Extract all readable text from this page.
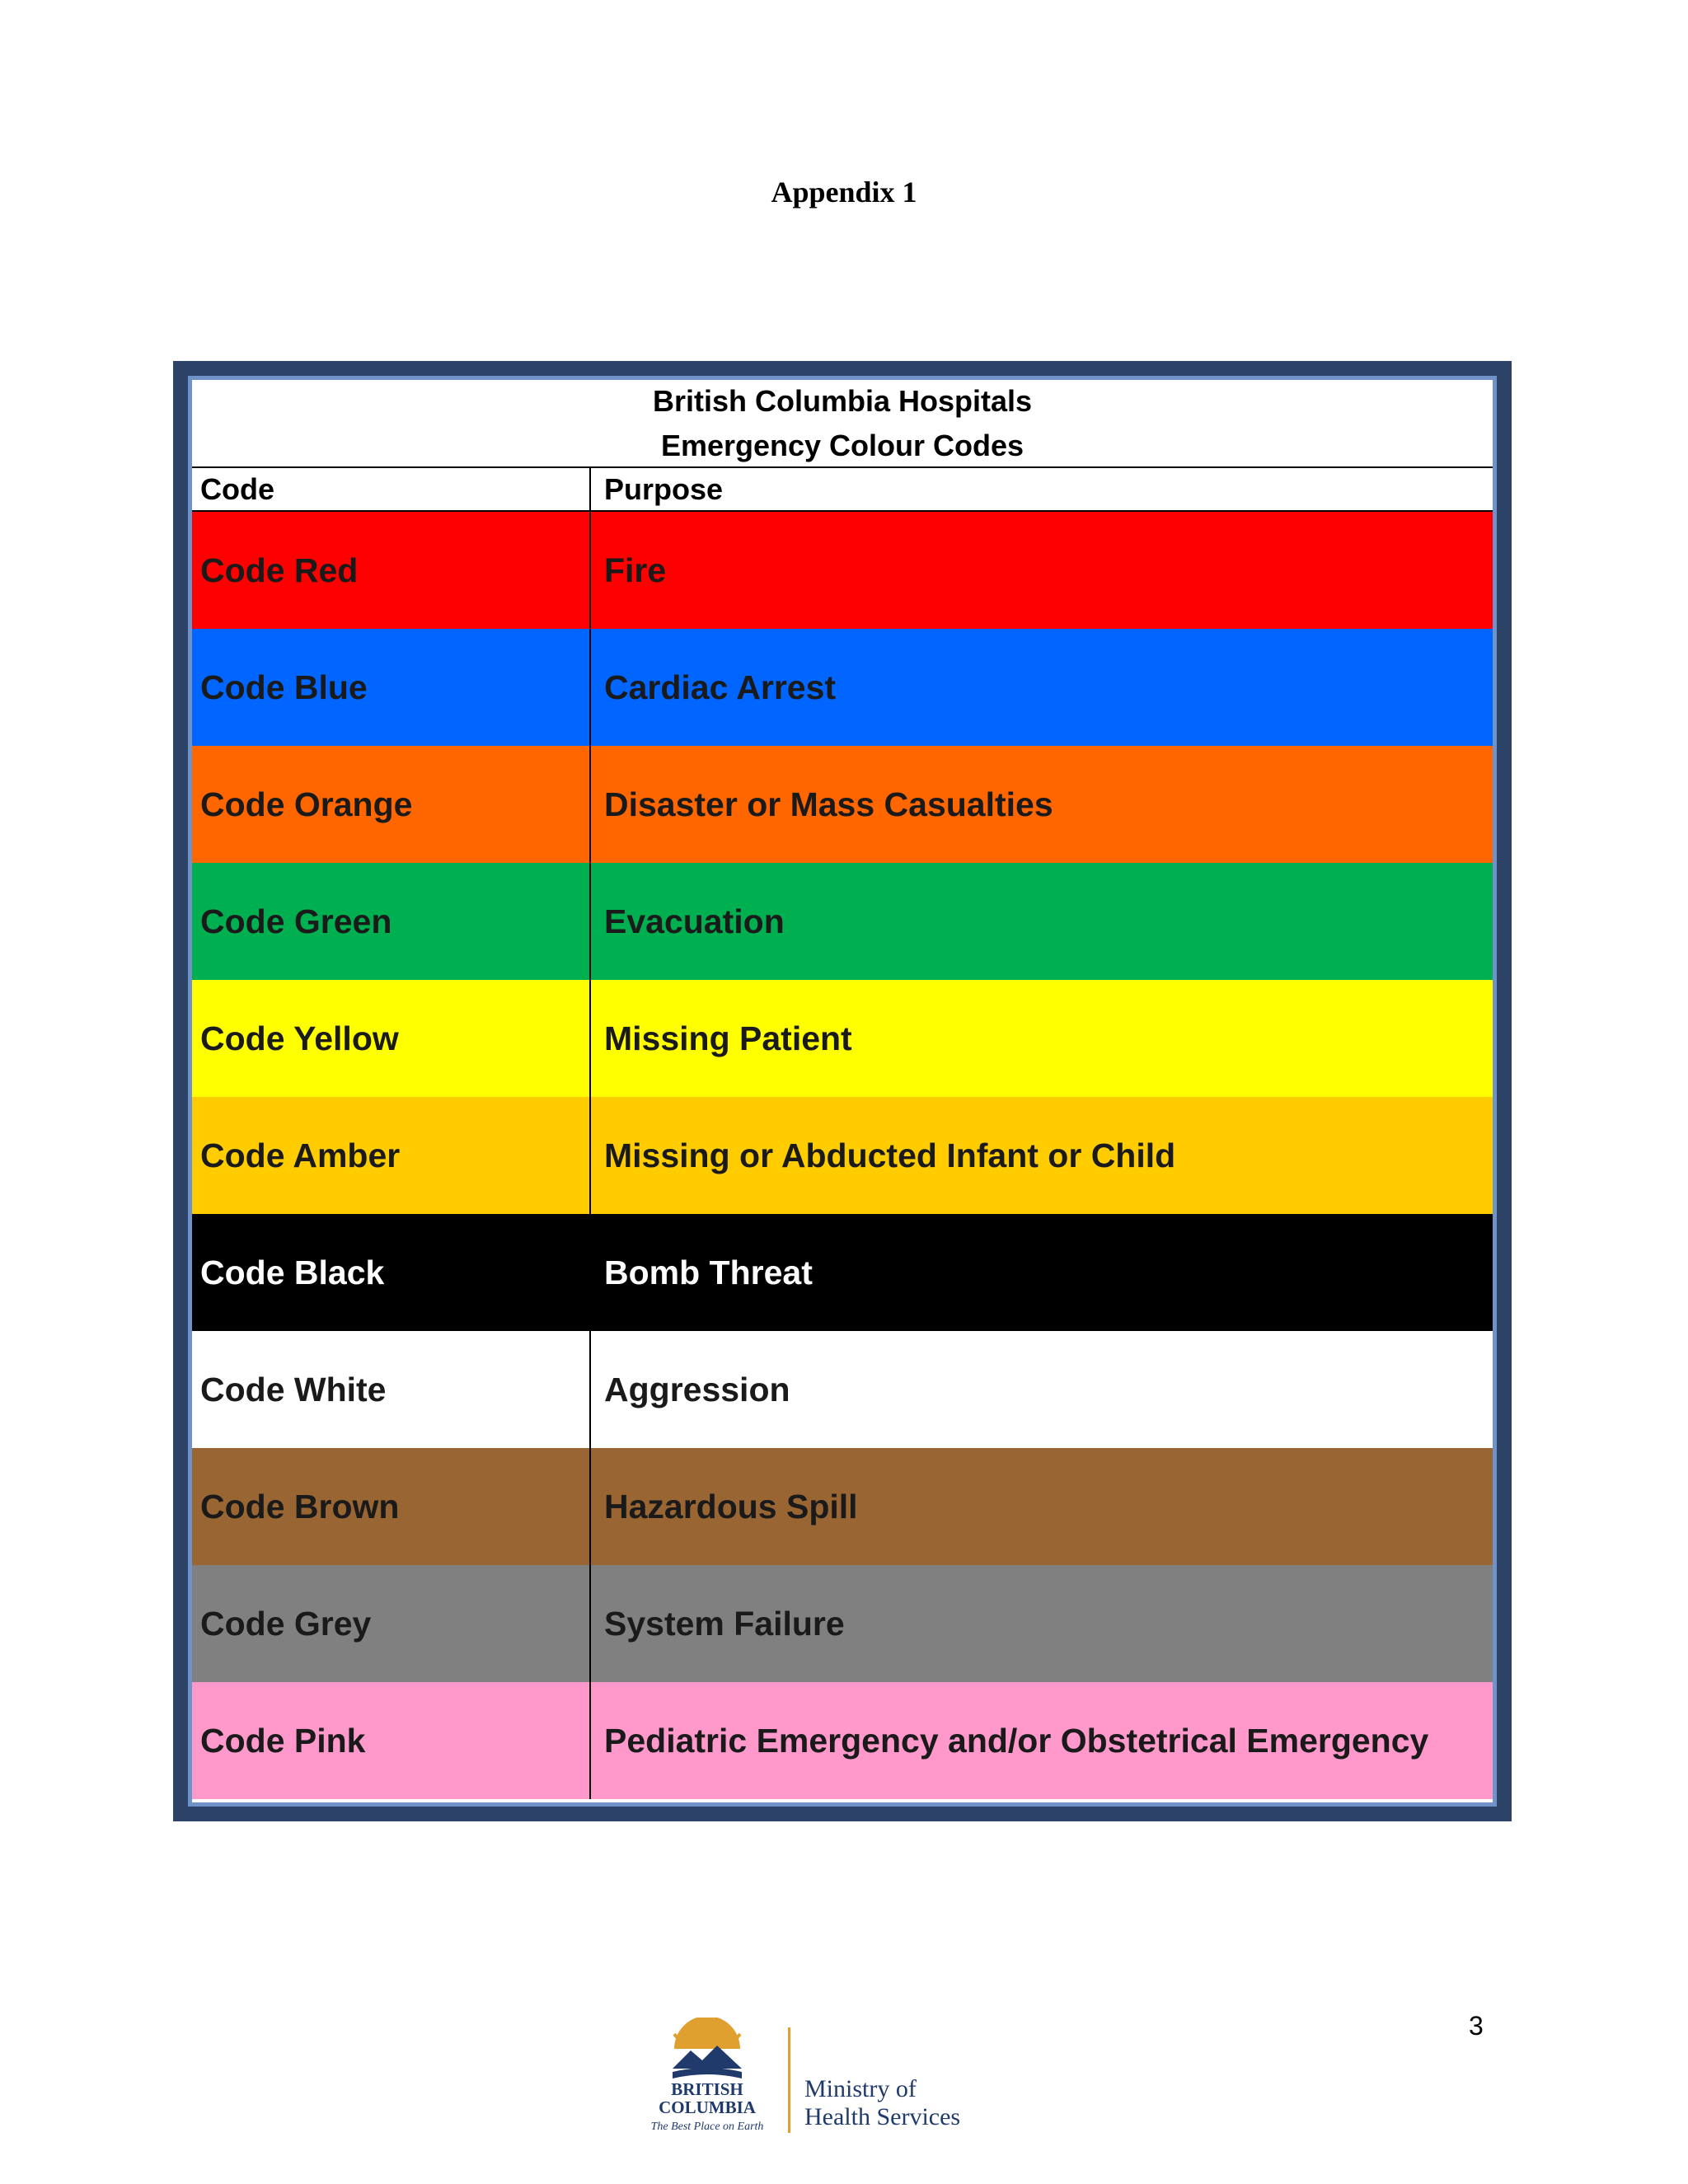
Appendix 1
British Columbia Hospitals
Emergency Colour Codes
Code	Purpose
Code Red	Fire
Code Blue	Cardiac Arrest
Code Orange	Disaster or Mass Casualties
Code Green	Evacuation
Code Yellow	Missing Patient
Code Amber	Missing or Abducted Infant or Child
Code Black	Bomb Threat
Code White	Aggression
Code Brown	Hazardous Spill
Code Grey	System Failure
Code Pink	Pediatric Emergency and/or Obstetrical Emergency
3
BRITISH
COLUMBIA
The Best Place on Earth
Ministry of
Health Services
